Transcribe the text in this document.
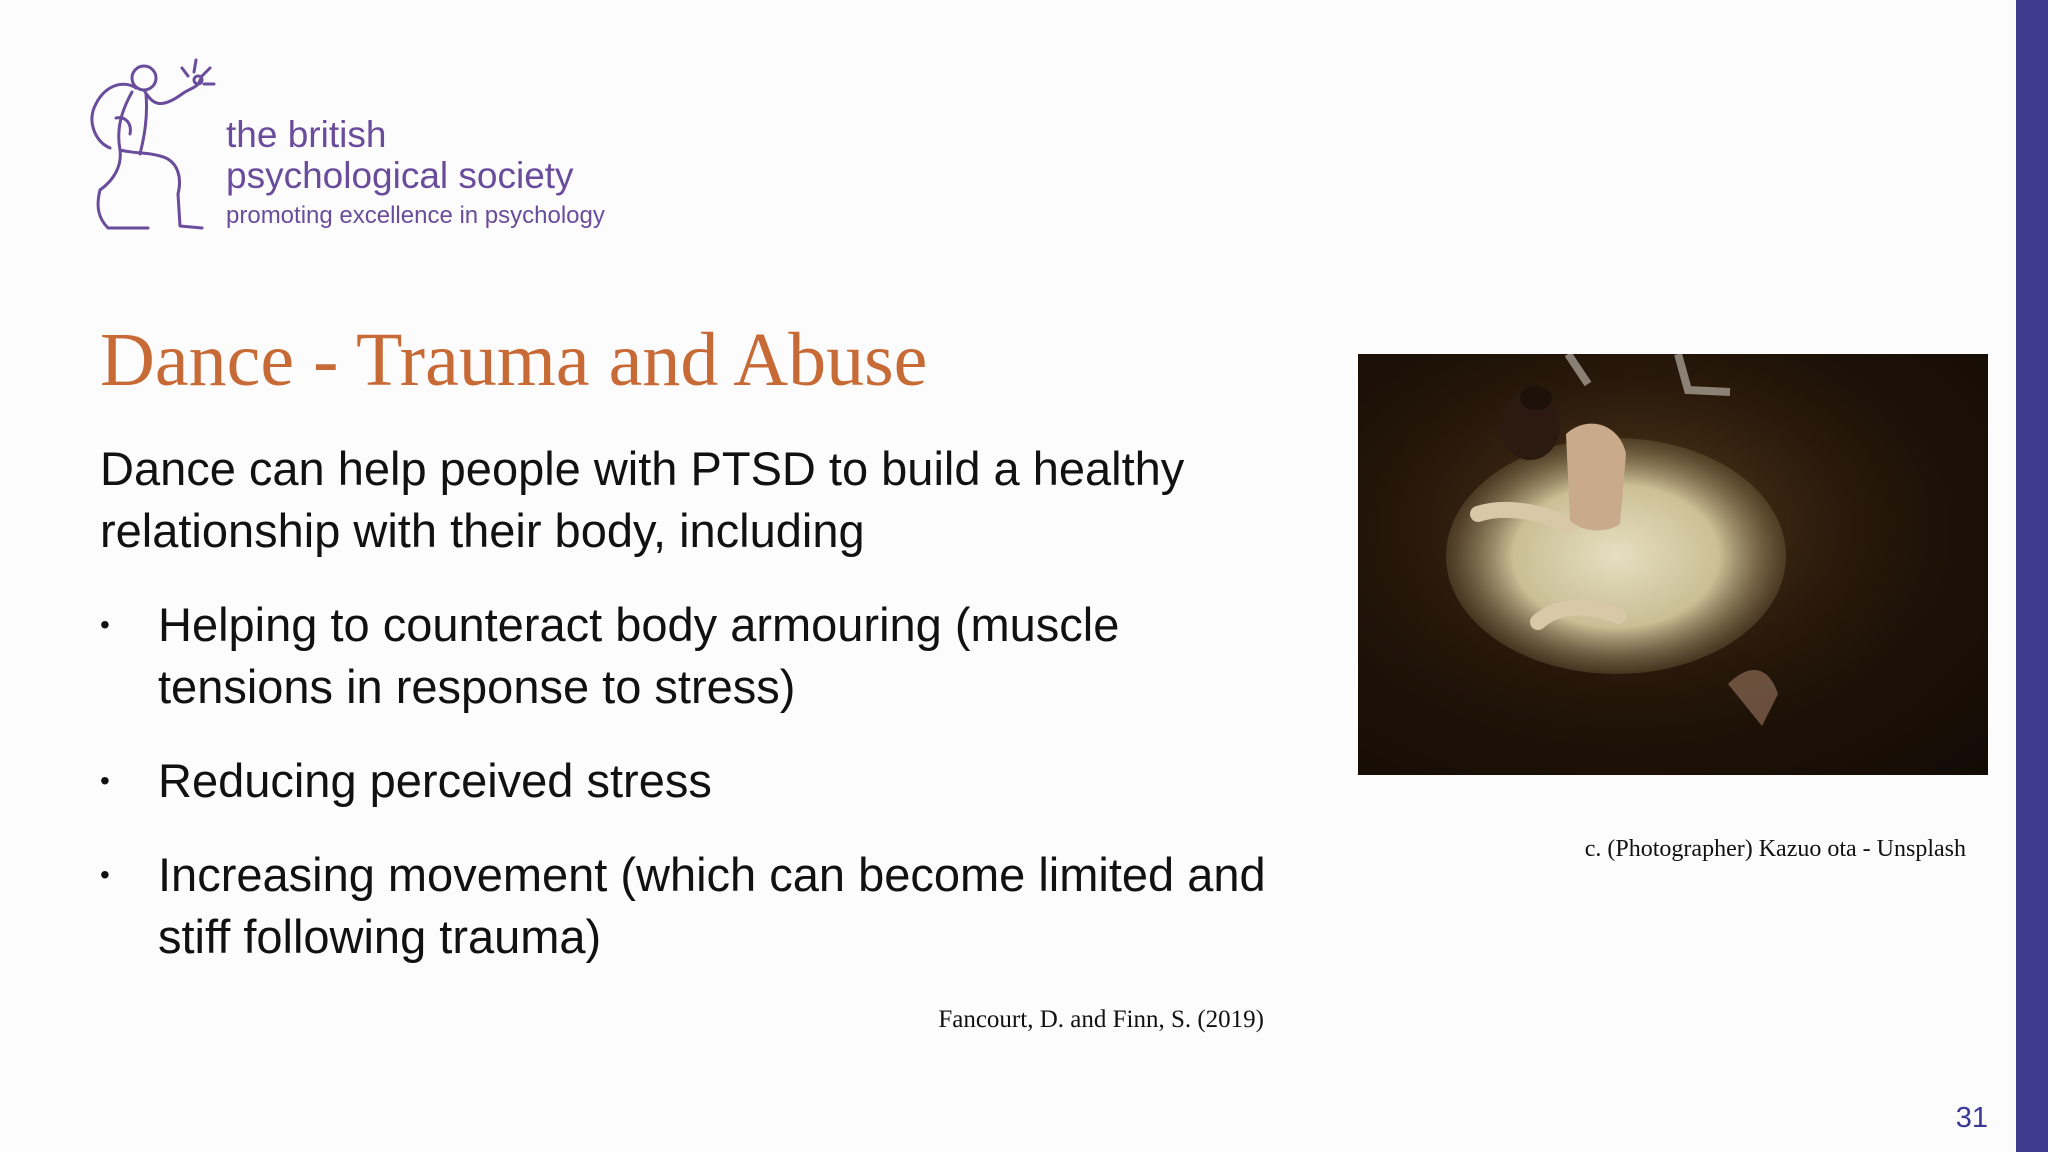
the british
psychological society
promoting excellence in psychology
Dance - Trauma and Abuse

Dance can help people with PTSD to build a healthy relationship with their body, including

• Helping to counteract body armouring (muscle tensions in response to stress)
• Reducing perceived stress
• Increasing movement (which can become limited and stiff following trauma)
Fancourt, D. and Finn, S. (2019)
c. (Photographer) Kazuo ota - Unsplash
31
